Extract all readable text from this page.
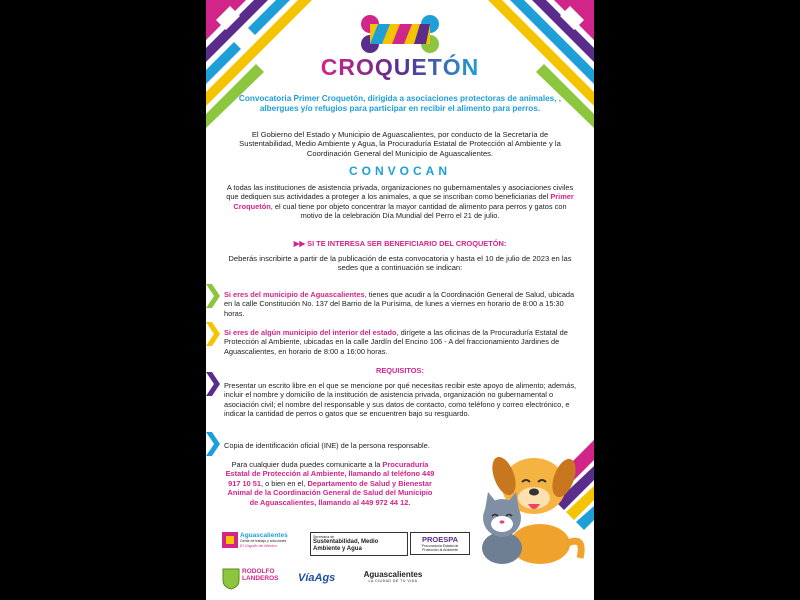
CROQUETÓN
Convocatoria Primer Croquetón, dirigida a asociaciones protectoras de animales, , albergues y/o refugios para participar en recibir el alimento para perros.
El Gobierno del Estado y Municipio de Aguascalientes, por conducto de la Secretaría de Sustentabilidad, Medio Ambiente y Agua, la Procuraduría Estatal de Protección al Ambiente y la Coordinación General del Municipio de Aguascalientes.
CONVOCAN
A todas las instituciones de asistencia privada, organizaciones no gubernamentales y asociaciones civiles que dediquen sus actividades a proteger a los animales, a que se inscriban como beneficiarias del Primer Croquetón, el cual tiene por objeto concentrar la mayor cantidad de alimento para perros y gatos con motivo de la celebración Día Mundial del Perro el 21 de julio.
▶▶ SI TE INTERESA SER BENEFICIARIO DEL CROQUETÓN:
Deberás inscribirte a partir de la publicación de esta convocatoria y hasta el 10 de julio de 2023 en las sedes que a continuación se indican:
Si eres del municipio de Aguascalientes, tienes que acudir a la Coordinación General de Salud, ubicada en la calle Constitución No. 137 del Barrio de la Purísima, de lunes a viernes en horario de 8:00 a 15:30 horas.
Si eres de algún municipio del interior del estado, dirígete a las oficinas de la Procuraduría Estatal de Protección al Ambiente, ubicadas en la calle Jardín del Encino 106 - A del fraccionamiento Jardines de Aguascalientes, en horario de 8:00 a 16:00 horas.
REQUISITOS:
Presentar un escrito libre en el que se mencione por qué necesitas recibir este apoyo de alimento; además, incluir el nombre y domicilio de la institución de asistencia privada, organización no gubernamental o asociación civil; el nombre del responsable y sus datos de contacto, como teléfono y correo electrónico, e indicar la cantidad de perros o gatos que se encuentren bajo su resguardo.
Copia de identificación oficial (INE) de la persona responsable.
Para cualquier duda puedes comunicarte a la Procuraduría Estatal de Protección al Ambiente, llamando al teléfono 449 917 10 51, o bien en el, Departamento de Salud y Bienestar Animal de la Coordinación General de Salud del Municipio de Aguascalientes, llamando al 449 972 44 12.
Aguascalientes
Gente de trabajo y soluciones
El Orgullo de México
Secretaría de
Sustentabilidad, Medio Ambiente y Agua
PROESPA
Procuraduría Estatal de Protección al Ambiente
RODOLFO LANDEROS	VíaAgs	Aguascalientes
LA CIUDAD DE TU VIDA
